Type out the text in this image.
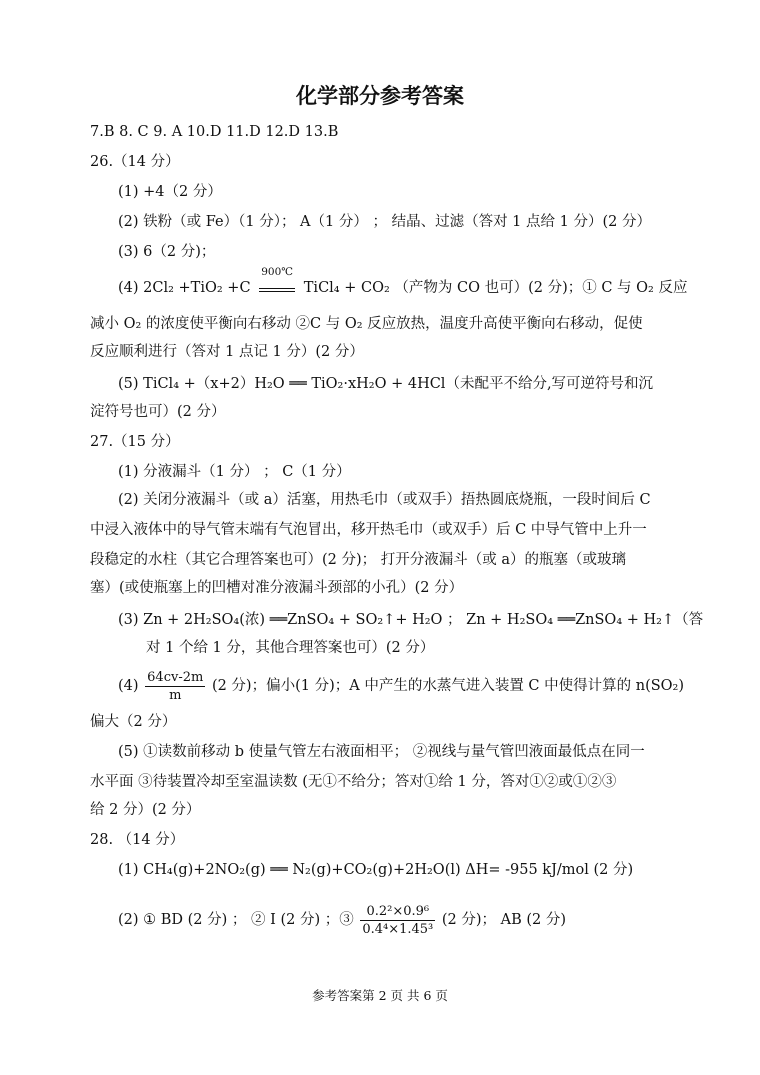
化学部分参考答案
7.B 8. C 9. A 10.D 11.D 12.D 13.B
26.（14 分）
(1) +4（2 分）
(2) 铁粉（或 Fe）（1 分）； A（1 分） ； 结晶、过滤（答对 1 点给 1 分）(2 分）
(3) 6（2 分)；
(4) 2Cl₂ +TiO₂ +C
900℃
TiCl₄ + CO₂ （产物为 CO 也可）(2 分)；① C 与 O₂ 反应
减小 O₂ 的浓度使平衡向右移动 ②C 与 O₂ 反应放热，温度升高使平衡向右移动，促使
反应顺利进行（答对 1 点记 1 分）(2 分）
(5) TiCl₄ +（x+2）H₂O ══ TiO₂·xH₂O + 4HCl（未配平不给分,写可逆符号和沉
淀符号也可）(2 分）
27.（15 分）
(1) 分液漏斗（1 分） ； C（1 分）
(2) 关闭分液漏斗（或 a）活塞，用热毛巾（或双手）捂热圆底烧瓶，一段时间后 C
中浸入液体中的导气管末端有气泡冒出，移开热毛巾（或双手）后 C 中导气管中上升一
段稳定的水柱（其它合理答案也可）(2 分)； 打开分液漏斗（或 a）的瓶塞（或玻璃
塞）(或使瓶塞上的凹槽对准分液漏斗颈部的小孔）(2 分）
(3) Zn + 2H₂SO₄(浓) ══ZnSO₄ + SO₂↑+ H₂O ； Zn + H₂SO₄ ══ZnSO₄ + H₂↑（答
对 1 个给 1 分，其他合理答案也可）(2 分）
$(4) \frac{64cv-2m}{m} (2$ 分)；偏小(1 分)；A 中产生的水蒸气进入装置 C 中使得计算的 n(SO₂)
偏大（2 分）
(5) ①读数前移动 b 使量气管左右液面相平； ②视线与量气管凹液面最低点在同一
水平面 ③待装置冷却至室温读数 (无①不给分；答对①给 1 分，答对①②或①②③
给 2 分）(2 分）
28. （14 分）
(1) CH₄(g)+2NO₂(g) ══ N₂(g)+CO₂(g)+2H₂O(l) ΔH= -955 kJ/mol (2 分)
(2) ① BD (2 分) ； ② I (2 分) ；③ $\frac{\text{0.2²×0.9⁶}}{\text{0.4⁴×1.45³}} (2$ 分)； AB (2 分)
参考答案第 2 页 共 6 页
